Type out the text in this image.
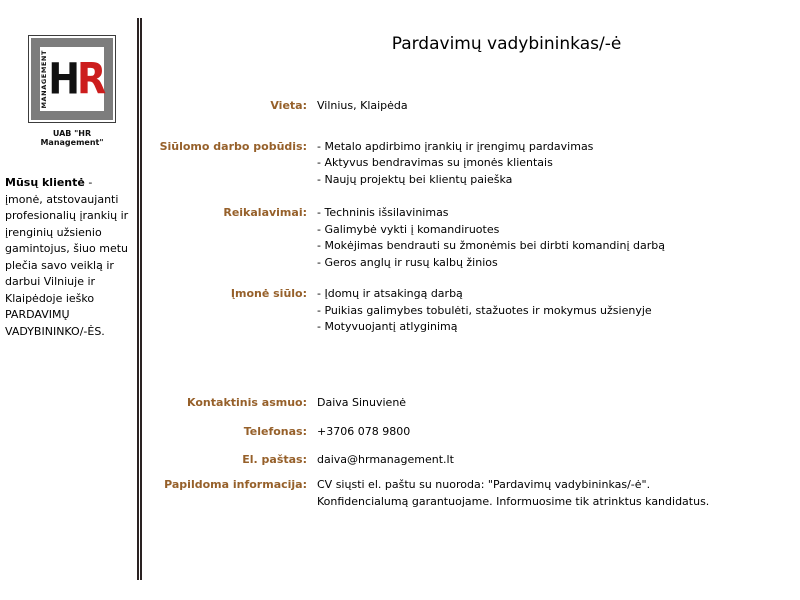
MANAGEMENT HR
UAB "HR Management"

Mūsų klientė - įmonė, atstovaujanti profesionalių įrankių ir įrenginių užsienio gamintojus, šiuo metu plečia savo veiklą ir darbui Vilniuje ir Klaipėdoje ieško PARDAVIMŲ VADYBININKO/-ĖS.

Pardavimų vadybininkas/-ė
Vieta: Vilnius, Klaipėda
Siūlomo darbo pobūdis: - Metalo apdirbimo įrankių ir įrengimų pardavimas
- Aktyvus bendravimas su įmonės klientais
- Naujų projektų bei klientų paieška
Reikalavimai: - Techninis išsilavinimas
- Galimybė vykti į komandiruotes
- Mokėjimas bendrauti su žmonėmis bei dirbti komandinį darbą
- Geros anglų ir rusų kalbų žinios
Įmonė siūlo: - Įdomų ir atsakingą darbą
- Puikias galimybes tobulėti, stažuotes ir mokymus užsienyje
- Motyvuojantį atlyginimą
Kontaktinis asmuo: Daiva Sinuvienė
Telefonas: +3706 078 9800
El. paštas: daiva@hrmanagement.lt
Papildoma informacija: CV siųsti el. paštu su nuoroda: "Pardavimų vadybininkas/-ė".
Konfidencialumą garantuojame. Informuosime tik atrinktus kandidatus.
